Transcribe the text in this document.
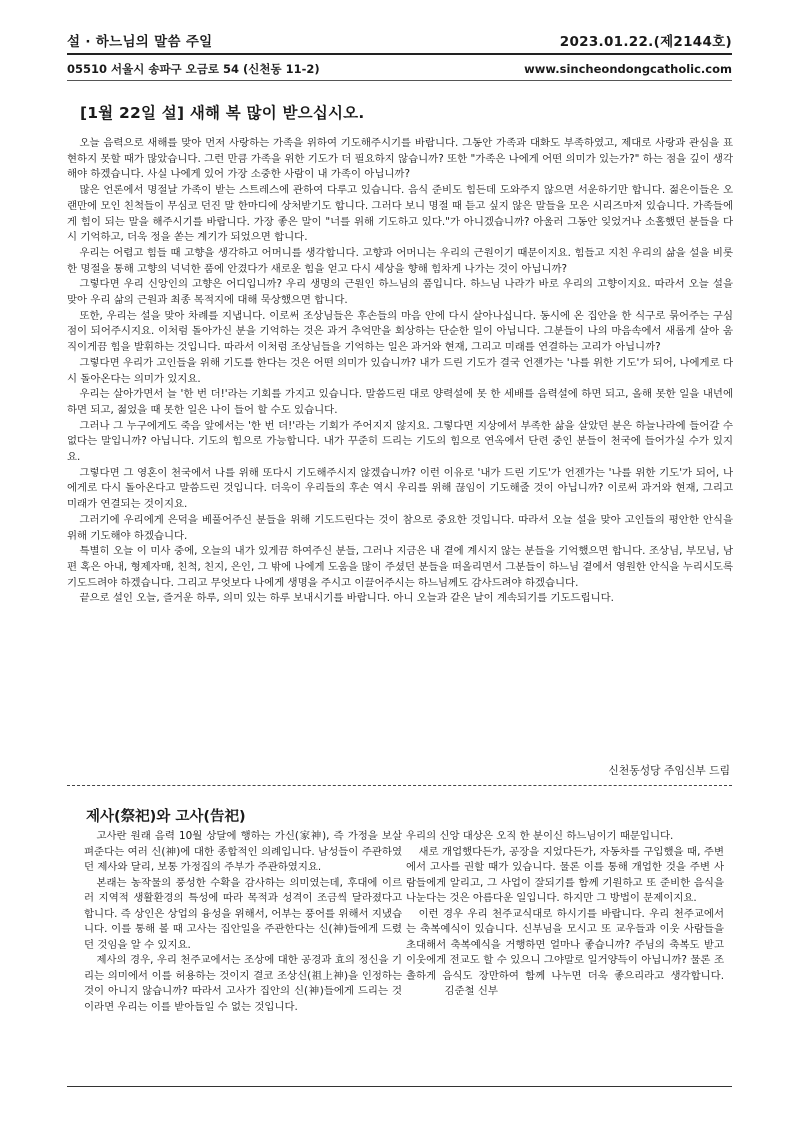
설 · 하느님의 말씀 주일	2023.01.22.(제2144호)
05510 서울시 송파구 오금로 54 (신천동 11-2)	www.sincheondongcatholic.com
[1월 22일 설] 새해 복 많이 받으십시오.

오늘 음력으로 새해를 맞아 먼저 사랑하는 가족을 위하여 기도해주시기를 바랍니다. 그동안 가족과 대화도 부족하였고, 제대로 사랑과 관심을 표현하지 못할 때가 많았습니다. 그런 만큼 가족을 위한 기도가 더 필요하지 않습니까? 또한 "가족은 나에게 어떤 의미가 있는가?" 하는 점을 깊이 생각해야 하겠습니다. 사실 나에게 있어 가장 소중한 사람이 내 가족이 아닙니까?

많은 언론에서 명절날 가족이 받는 스트레스에 관하여 다루고 있습니다. 음식 준비도 힘든데 도와주지 않으면 서운하기만 합니다. 젊은이들은 오랜만에 모인 친척들이 무심코 던진 말 한마디에 상처받기도 합니다. 그러다 보니 명절 때 듣고 싶지 않은 말들을 모은 시리즈마저 있습니다. 가족들에게 힘이 되는 말을 해주시기를 바랍니다. 가장 좋은 말이 "너를 위해 기도하고 있다."가 아니겠습니까? 아울러 그동안 잊었거나 소홀했던 분들을 다시 기억하고, 더욱 정을 쏟는 계기가 되었으면 합니다.

우리는 어렵고 힘들 때 고향을 생각하고 어머니를 생각합니다. 고향과 어머니는 우리의 근원이기 때문이지요. 힘들고 지친 우리의 삶을 설을 비롯한 명절을 통해 고향의 넉넉한 품에 안겼다가 새로운 힘을 얻고 다시 세상을 향해 힘차게 나가는 것이 아닙니까?

그렇다면 우리 신앙인의 고향은 어디입니까? 우리 생명의 근원인 하느님의 품입니다. 하느님 나라가 바로 우리의 고향이지요. 따라서 오늘 설을 맞아 우리 삶의 근원과 최종 목적지에 대해 묵상했으면 합니다.

또한, 우리는 설을 맞아 차례를 지냅니다. 이로써 조상님들은 후손들의 마음 안에 다시 살아나십니다. 동시에 온 집안을 한 식구로 묶어주는 구심점이 되어주시지요. 이처럼 돌아가신 분을 기억하는 것은 과거 추억만을 회상하는 단순한 일이 아닙니다. 그분들이 나의 마음속에서 새롭게 살아 움직이게끔 힘을 발휘하는 것입니다. 따라서 이처럼 조상님들을 기억하는 일은 과거와 현재, 그리고 미래를 연결하는 고리가 아닙니까?

그렇다면 우리가 고인들을 위해 기도를 한다는 것은 어떤 의미가 있습니까? 내가 드린 기도가 결국 언젠가는 '나를 위한 기도'가 되어, 나에게로 다시 돌아온다는 의미가 있지요.

우리는 살아가면서 늘 '한 번 더!'라는 기회를 가지고 있습니다. 말씀드린 대로 양력설에 못 한 세배를 음력설에 하면 되고, 올해 못한 일을 내년에 하면 되고, 젊었을 때 못한 일은 나이 들어 할 수도 있습니다.

그러나 그 누구에게도 죽음 앞에서는 '한 번 더!'라는 기회가 주어지지 않지요. 그렇다면 지상에서 부족한 삶을 살았던 분은 하늘나라에 들어갈 수 없다는 말입니까? 아닙니다. 기도의 힘으로 가능합니다. 내가 꾸준히 드리는 기도의 힘으로 연옥에서 단련 중인 분들이 천국에 들어가실 수가 있지요.

그렇다면 그 영혼이 천국에서 나를 위해 또다시 기도해주시지 않겠습니까? 이런 이유로 '내가 드린 기도'가 언젠가는 '나를 위한 기도'가 되어, 나에게로 다시 돌아온다고 말씀드린 것입니다. 더욱이 우리들의 후손 역시 우리를 위해 끊임이 기도해줄 것이 아닙니까? 이로써 과거와 현재, 그리고 미래가 연결되는 것이지요.

그러기에 우리에게 은덕을 베풀어주신 분들을 위해 기도드린다는 것이 참으로 중요한 것입니다. 따라서 오늘 설을 맞아 고인들의 평안한 안식을 위해 기도해야 하겠습니다.

특별히 오늘 이 미사 중에, 오늘의 내가 있게끔 하여주신 분들, 그러나 지금은 내 곁에 계시지 않는 분들을 기억했으면 합니다. 조상님, 부모님, 남편 혹은 아내, 형제자매, 친척, 친지, 은인, 그 밖에 나에게 도움을 많이 주셨던 분들을 떠올리면서 그분들이 하느님 곁에서 영원한 안식을 누리시도록 기도드려야 하겠습니다. 그리고 무엇보다 나에게 생명을 주시고 이끌어주시는 하느님께도 감사드려야 하겠습니다.

끝으로 설인 오늘, 즐거운 하루, 의미 있는 하루 보내시기를 바랍니다. 아니 오늘과 같은 날이 계속되기를 기도드립니다.

신천동성당 주임신부 드림
제사(祭祀)와 고사(告祀)

고사란 원래 음력 10월 상달에 행하는 가신(家神), 즉 가정을 보살펴준다는 여러 신(神)에 대한 종합적인 의례입니다. 남성들이 주관하였던 제사와 달리, 보통 가정집의 주부가 주관하였지요.

본래는 농작물의 풍성한 수확을 감사하는 의미였는데, 후대에 이르러 지역적 생활환경의 특성에 따라 목적과 성격이 조금씩 달라졌다고 합니다. 즉 상인은 상업의 융성을 위해서, 어부는 풍어를 위해서 지냈습니다. 이를 통해 볼 때 고사는 집안일을 주관한다는 신(神)들에게 드렸던 것임을 알 수 있지요.

제사의 경우, 우리 천주교에서는 조상에 대한 공경과 효의 정신을 기리는 의미에서 이를 허용하는 것이지 결코 조상신(祖上神)을 인정하는 것이 아니지 않습니까? 따라서 고사가 집안의 신(神)들에게 드리는 것이라면 우리는 이를 받아들일 수 없는 것입니다.

우리의 신앙 대상은 오직 한 분이신 하느님이기 때문입니다.

새로 개업했다든가, 공장을 지었다든가, 자동차를 구입했을 때, 주변에서 고사를 권할 때가 있습니다. 물론 이를 통해 개업한 것을 주변 사람들에게 알리고, 그 사업이 잘되기를 함께 기원하고 또 준비한 음식을 나눈다는 것은 아름다운 일입니다. 하지만 그 방법이 문제이지요.

이런 경우 우리 천주교식대로 하시기를 바랍니다. 우리 천주교에서는 축복예식이 있습니다. 신부님을 모시고 또 교우들과 이웃 사람들을 초대해서 축복예식을 거행하면 얼마나 좋습니까? 주님의 축복도 받고 이웃에게 전교도 할 수 있으니 그야말로 일거양득이 아닙니까? 물론 조촐하게 음식도 장만하여 함께 나누면 더욱 좋으리라고 생각합니다.김준철 신부
